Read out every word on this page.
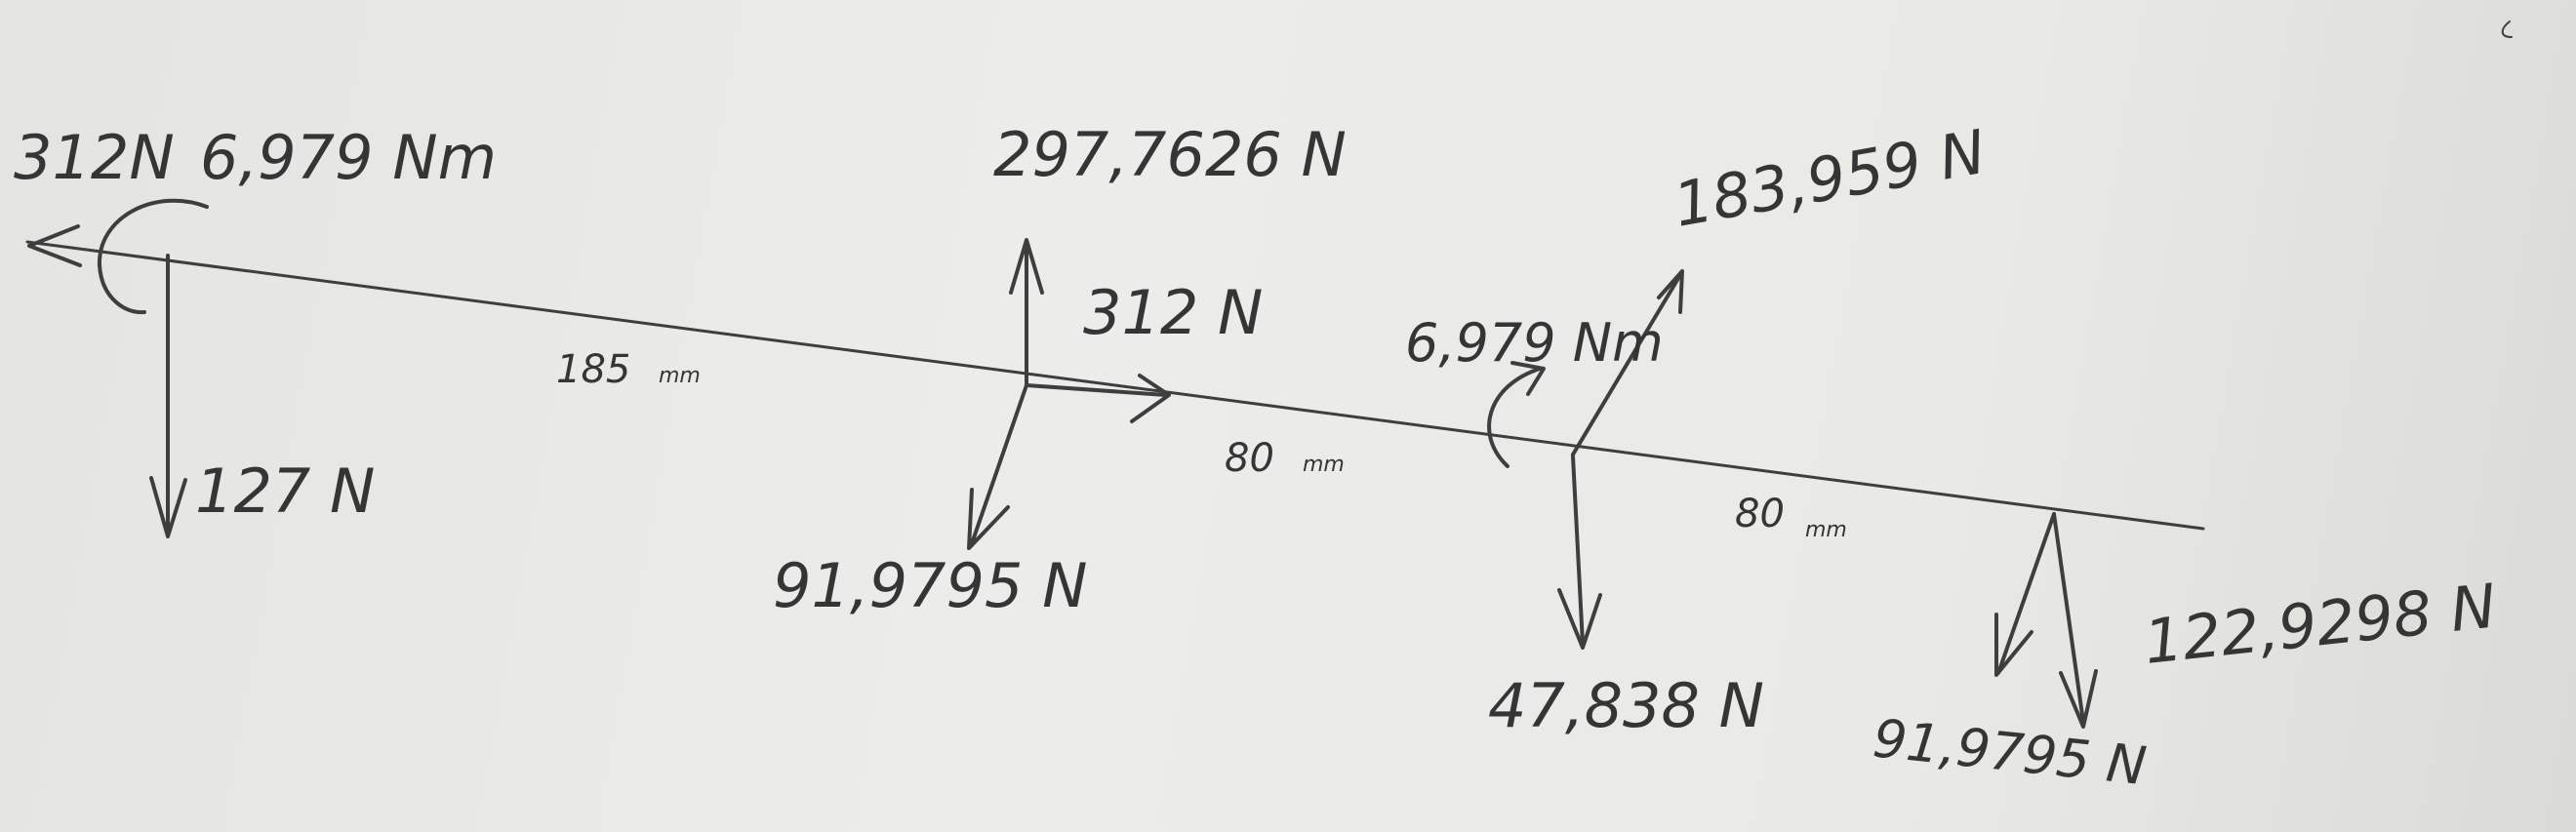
312N 6,979 Nm
127 N
297,7626 N
312 N
91,9795 N
6,979 Nm
183,959 N
47,838 N
91,9795 N
122,9298 N
185 mm
80 mm
80 mm
